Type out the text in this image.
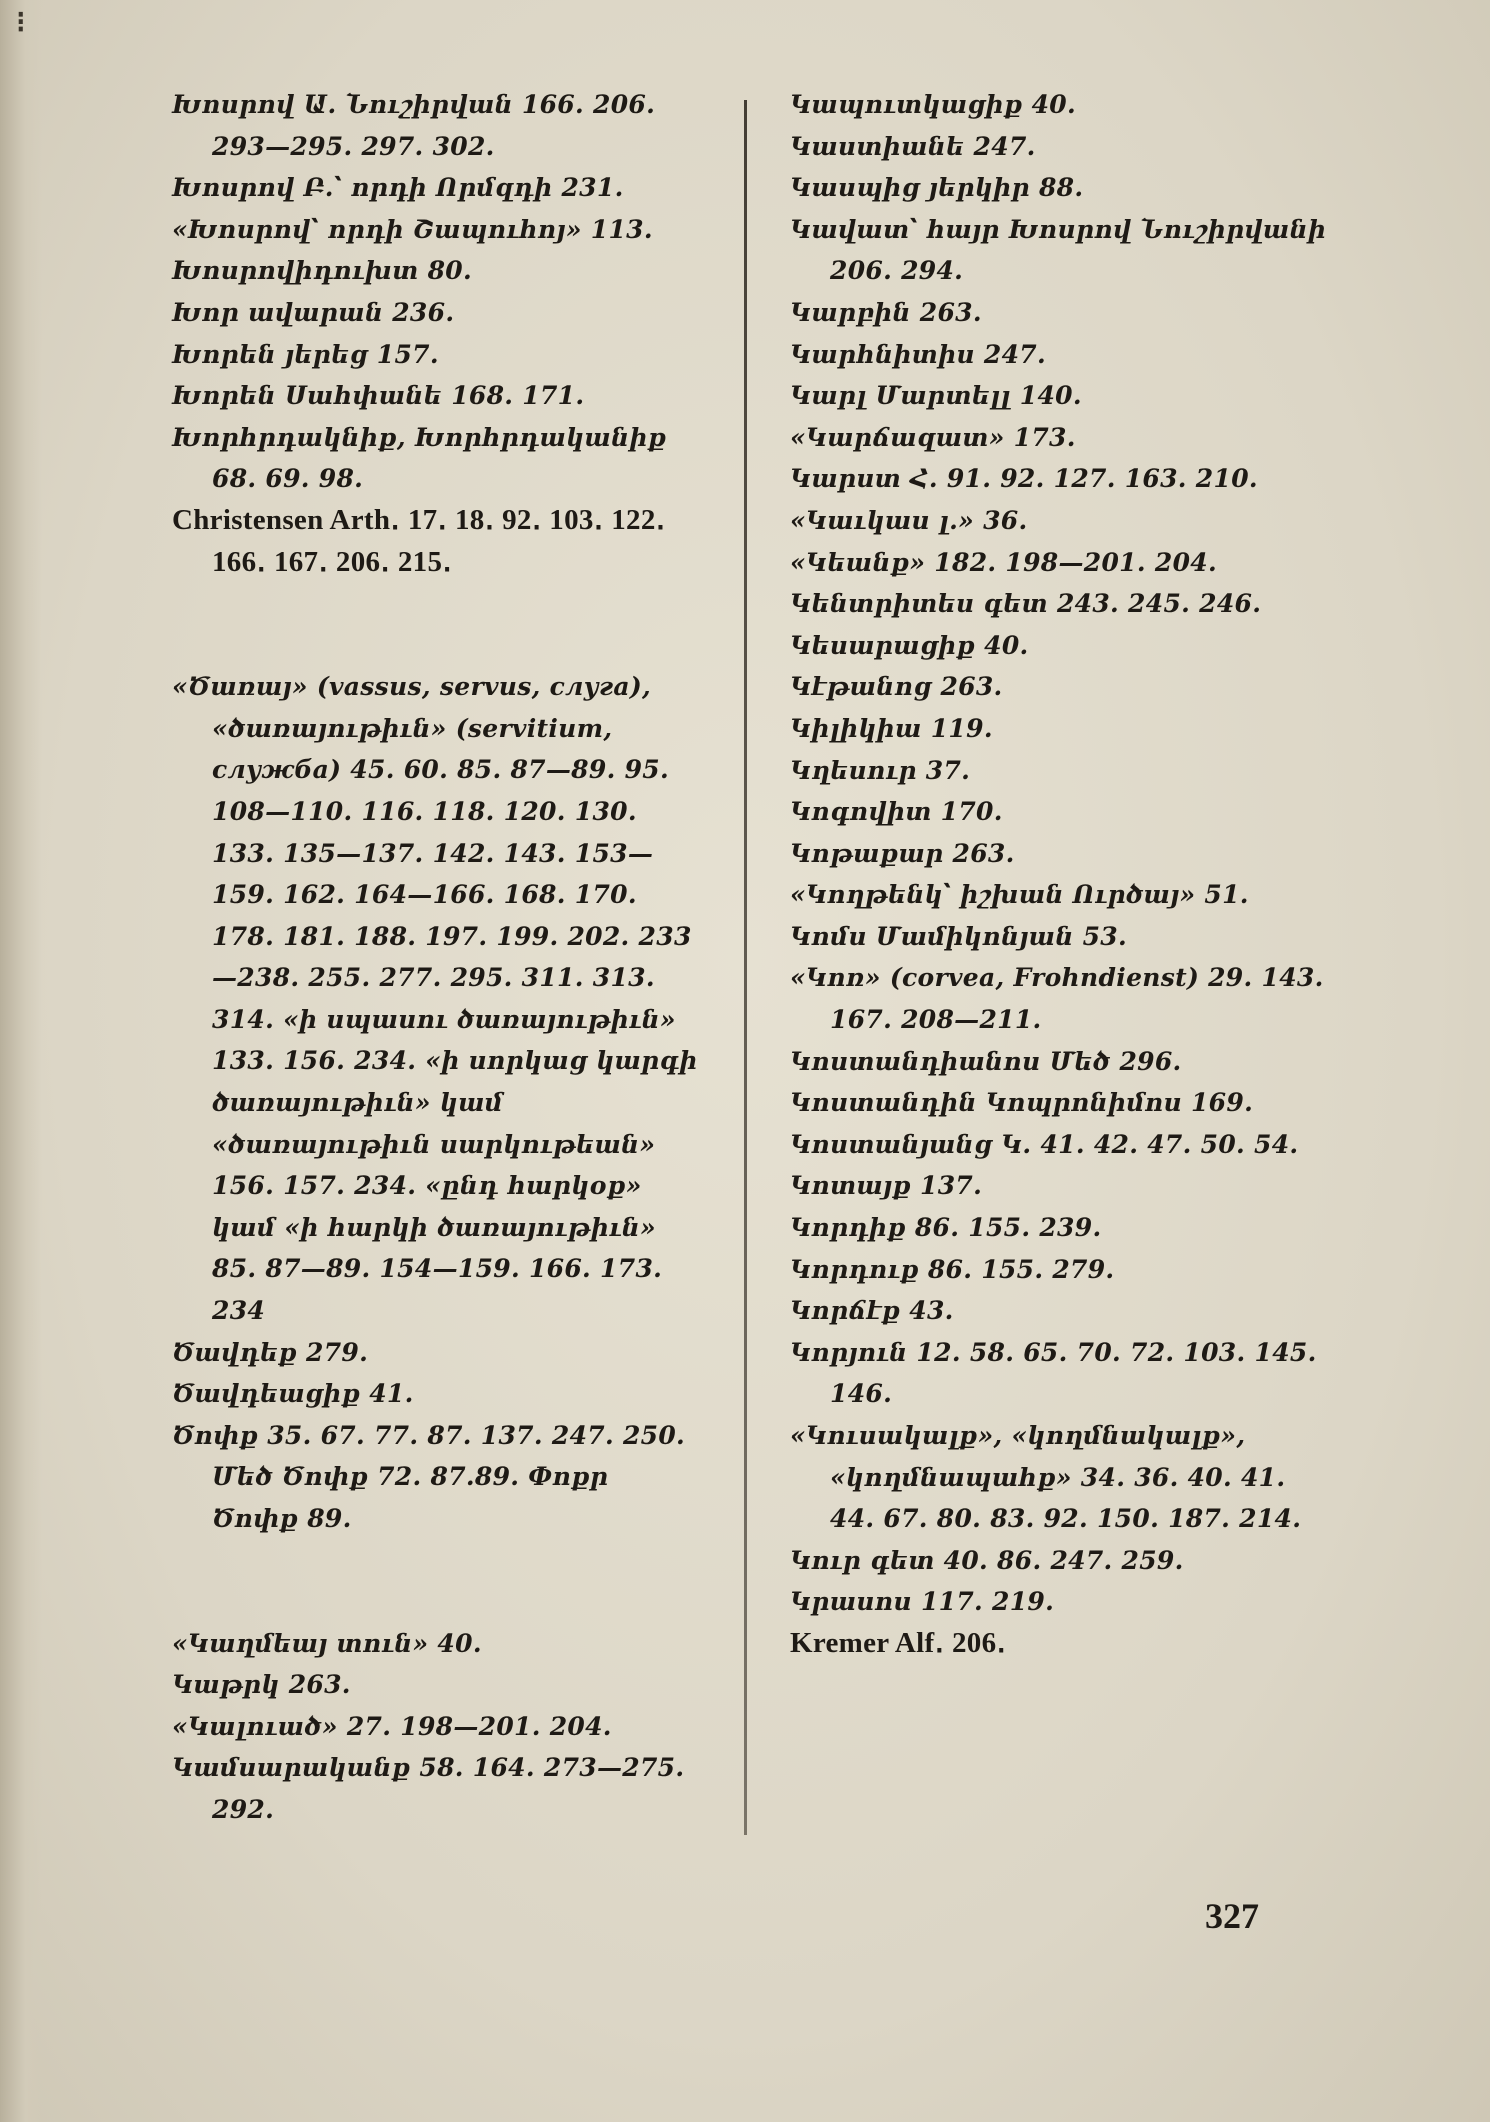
⁝
Խոսրով Ա․ Նուշիրվան 166․ 206․ 293—295․ 297․ 302․
Խոսրով Բ․՝ որդի Որմզդի 231․
«Խոսրով՝ որդի Շապուհոյ» 113․
Խոսրովիդուխտ 80․
Խոր ավարան 236․
Խորեն յերեց 157․
Խորեն Սահփանե 168․ 171․
Խորհրդակնիք, Խորհրդականիք 68․ 69․ 98․
Christensen Arth․ 17․ 18․ 92․ 103․ 122․ 166․ 167․ 206․ 215․
«Ծառայ» (vassus, servus, слуга), «ծառայութիւն» (servitium, служба) 45․ 60․ 85․ 87—89․ 95․ 108—110․ 116․ 118․ 120․ 130․ 133․ 135—137․ 142․ 143․ 153—159․ 162․ 164—166․ 168․ 170․ 178․ 181․ 188․ 197․ 199․ 202․ 233—238․ 255․ 277․ 295․ 311․ 313․ 314․ «ի սպասու ծառայութիւն» 133․ 156․ 234․ «ի սորկաց կարգի ծառայութիւն» կամ «ծառայութիւն սարկութեան» 156․ 157․ 234․ «ընդ հարկօք» կամ «ի հարկի ծառայութիւն» 85․ 87—89․ 154—159․ 166․ 173․ 234
Ծավդեք 279․
Ծավդեացիք 41․
Ծոփք 35․ 67․ 77․ 87․ 137․ 247․ 250․ Մեծ Ծոփք 72․ 87․89․ Փոքր Ծոփք 89․
«Կաղմեայ տուն» 40․
Կաթրկ 263․
«Կալուած» 27․ 198—201․ 204․
Կամսարականք 58․ 164․ 273—275․ 292․
Կապուտկացիք 40․
Կաստիանե 247․
Կասպից յերկիր 88․
Կավատ՝ հայր Խոսրով Նուշիրվանի 206․ 294․
Կարբին 263․
Կարհնիտիս 247․
Կարլ Մարտելլ 140․
«Կարճազատ» 173․
Կարստ Հ․ 91․ 92․ 127․ 163․ 210․
«Կաւկաս լ․» 36․
«Կեանք» 182․ 198—201․ 204․
Կենտրիտես գետ 243․ 245․ 246․
Կեսարացիք 40․
Կէթանոց 263․
Կիլիկիա 119․
Կղեսուր 37․
Կոգովիտ 170․
Կոթաքար 263․
«Կողթենկ՝ իշխան Ուրծայ» 51․
Կոմս Մամիկոնյան 53․
«Կոռ» (corvea, Frohndienst) 29․ 143․ 167․ 208—211․
Կոստանդիանոս Մեծ 296․
Կոստանդին Կոպրոնիմոս 169․
Կոստանյանց Կ․ 41․ 42․ 47․ 50․ 54․
Կոտայք 137․
Կորդիք 86․ 155․ 239․
Կորդուք 86․ 155․ 279․
Կորճէք 43․
Կորյուն 12․ 58․ 65․ 70․ 72․ 103․ 145․ 146․
«Կուսակալք», «կողմնակալք», «կողմնապահք» 34․ 36․ 40․ 41․ 44․ 67․ 80․ 83․ 92․ 150․ 187․ 214․
Կուր գետ 40․ 86․ 247․ 259․
Կրասոս 117․ 219․
Kremer Alf․ 206․
327
